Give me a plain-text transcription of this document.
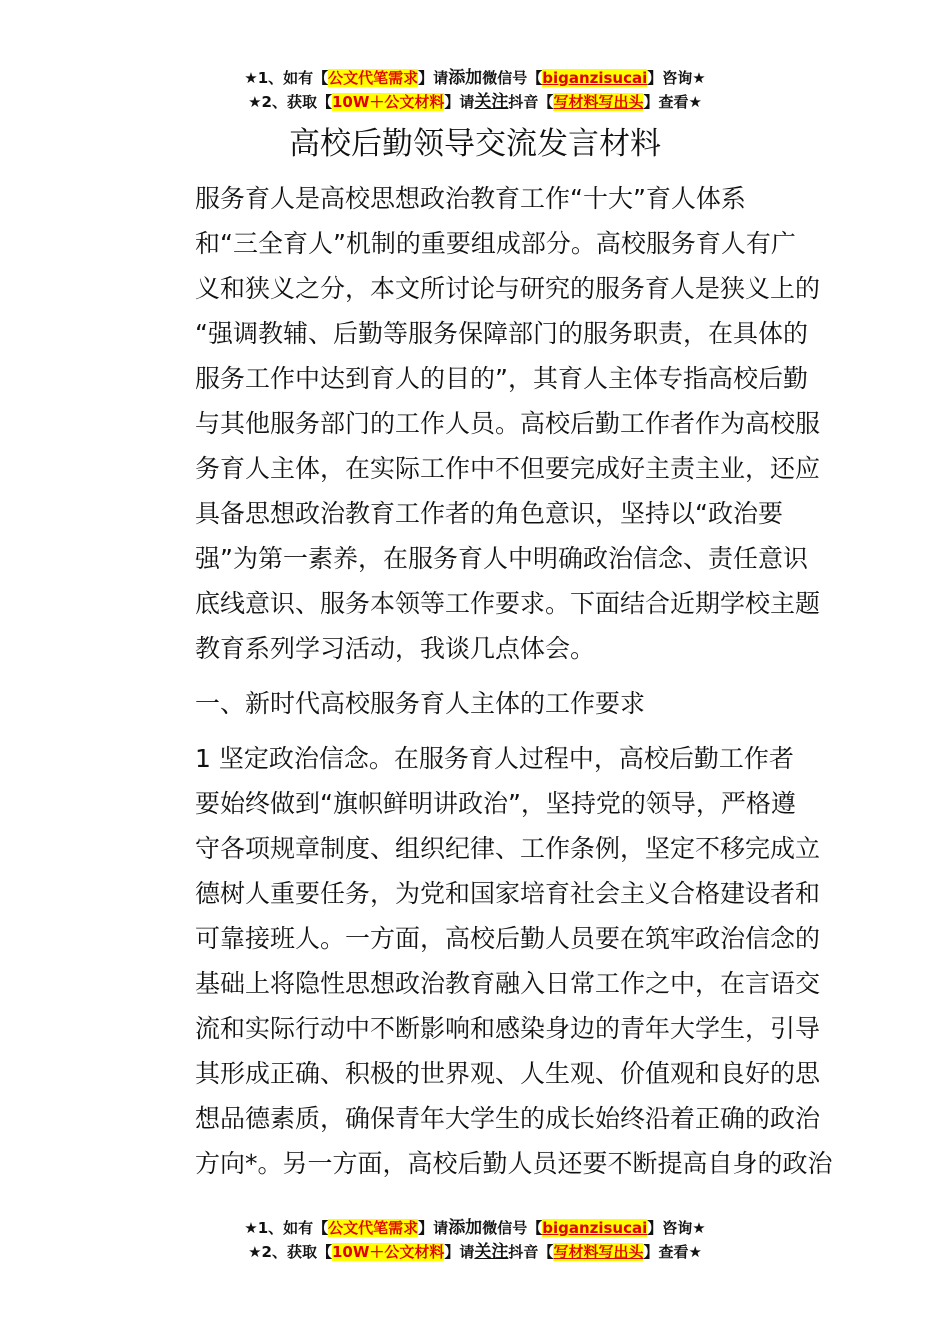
★1、如有【公文代笔需求】请添加微信号【biganzisucai】咨询★
★2、获取【10W＋公文材料】请关注抖音【写材料写出头】查看★
高校后勤领导交流发言材料

服务育人是高校思想政治教育工作“十大”育人体系
和“三全育人”机制的重要组成部分。高校服务育人有广
义和狭义之分，本文所讨论与研究的服务育人是狭义上的
“强调教辅、后勤等服务保障部门的服务职责，在具体的
服务工作中达到育人的目的”，其育人主体专指高校后勤
与其他服务部门的工作人员。高校后勤工作者作为高校服
务育人主体，在实际工作中不但要完成好主责主业，还应
具备思想政治教育工作者的角色意识，坚持以“政治要
强”为第一素养，在服务育人中明确政治信念、责任意识
底线意识、服务本领等工作要求。下面结合近期学校主题
教育系列学习活动，我谈几点体会。

一、新时代高校服务育人主体的工作要求

1 坚定政治信念。在服务育人过程中，高校后勤工作者
要始终做到“旗帜鲜明讲政治”，坚持党的领导，严格遵
守各项规章制度、组织纪律、工作条例，坚定不移完成立
德树人重要任务，为党和国家培育社会主义合格建设者和
可靠接班人。一方面，高校后勤人员要在筑牢政治信念的
基础上将隐性思想政治教育融入日常工作之中，在言语交
流和实际行动中不断影响和感染身边的青年大学生，引导
其形成正确、积极的世界观、人生观、价值观和良好的思
想品德素质，确保青年大学生的成长始终沿着正确的政治
方向*。另一方面，高校后勤人员还要不断提高自身的政治

★1、如有【公文代笔需求】请添加微信号【biganzisucai】咨询★
★2、获取【10W＋公文材料】请关注抖音【写材料写出头】查看★
